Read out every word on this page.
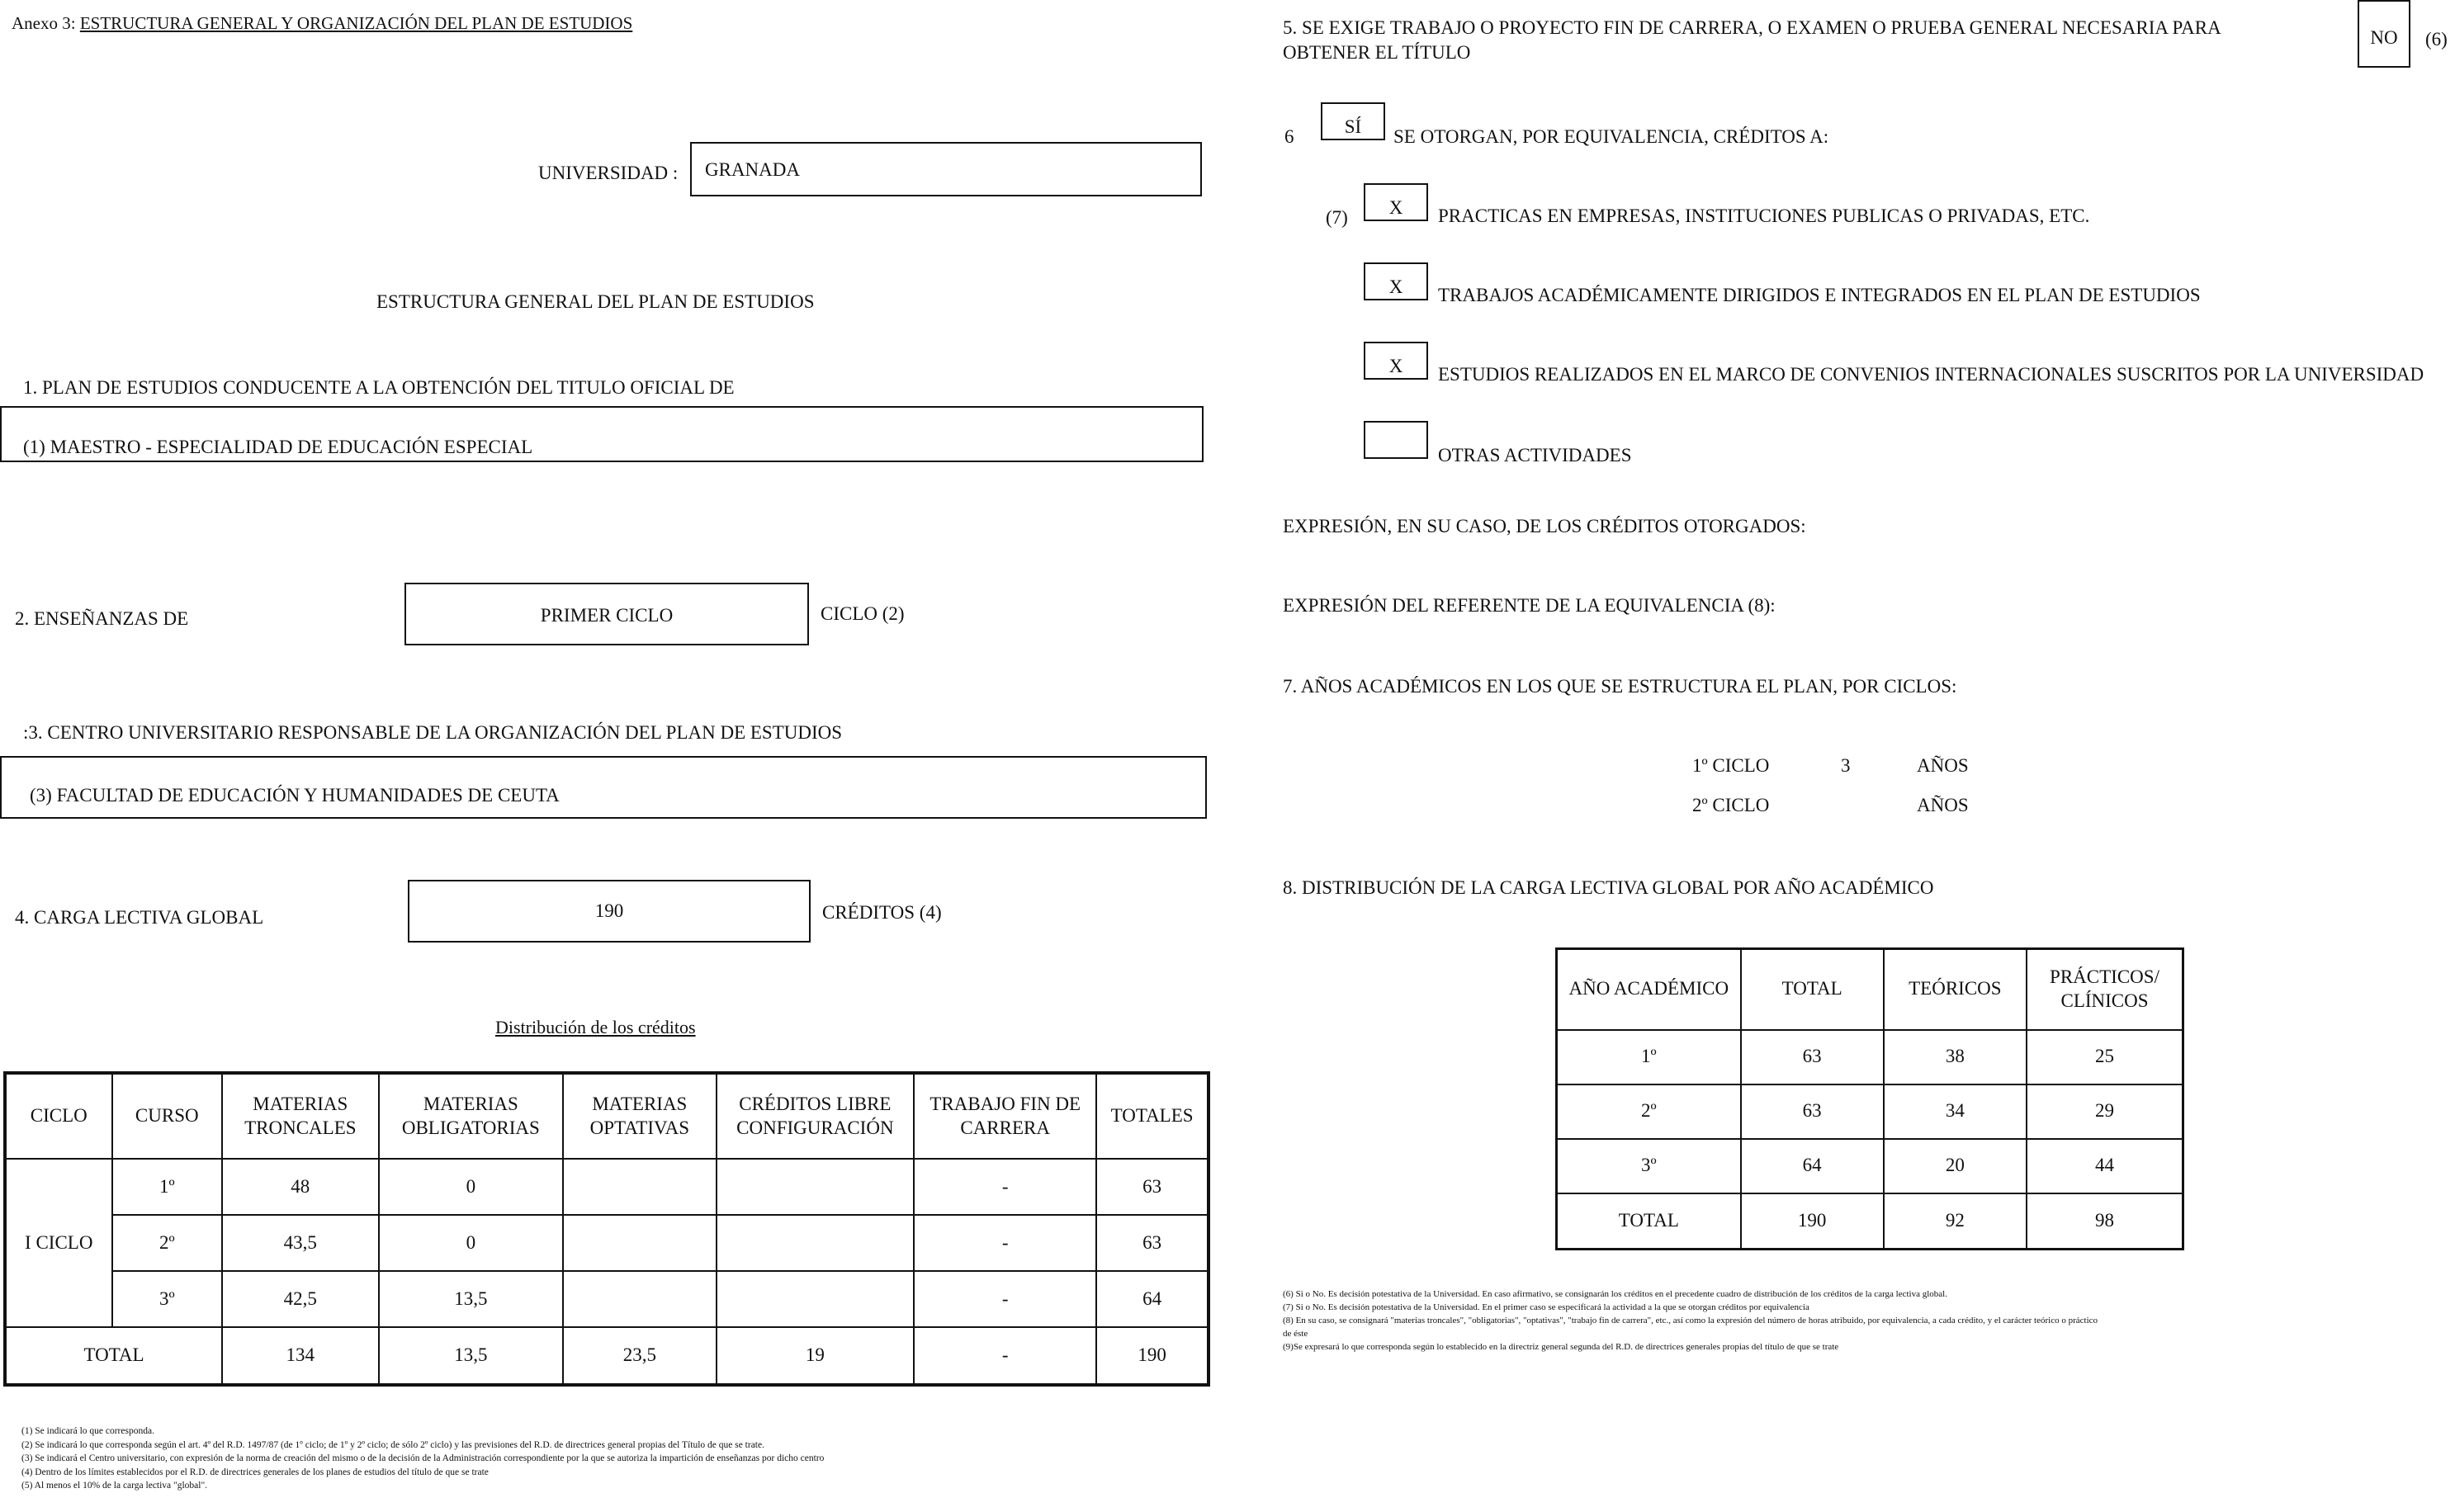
Anexo 3: ESTRUCTURA GENERAL Y ORGANIZACIÓN DEL PLAN DE ESTUDIOS
UNIVERSIDAD : GRANADA
ESTRUCTURA GENERAL DEL PLAN DE ESTUDIOS
1. PLAN DE ESTUDIOS CONDUCENTE A LA OBTENCIÓN DEL TITULO OFICIAL DE
(1) MAESTRO - ESPECIALIDAD DE EDUCACIÓN ESPECIAL
2. ENSEÑANZAS DE	PRIMER CICLO	CICLO (2)
:3. CENTRO UNIVERSITARIO RESPONSABLE DE LA ORGANIZACIÓN DEL PLAN DE ESTUDIOS
(3) FACULTAD DE EDUCACIÓN Y HUMANIDADES DE CEUTA
4. CARGA LECTIVA GLOBAL	190	CRÉDITOS (4)
Distribución de los créditos
CICLO	CURSO	MATERIAS TRONCALES	MATERIAS OBLIGATORIAS	MATERIAS OPTATIVAS	CRÉDITOS LIBRE CONFIGURACIÓN	TRABAJO FIN DE CARRERA	TOTALES
I CICLO	1º	48	0			-	63
	2º	43,5	0			-	63
	3º	42,5	13,5			-	64
TOTAL		134	13,5	23,5	19	-	190
(1) Se indicará lo que corresponda.
(2) Se indicará lo que corresponda según el art. 4º del R.D. 1497/87 (de 1º ciclo; de 1º y 2º ciclo; de sólo 2º ciclo) y las previsiones del R.D. de directrices general propias del Título de que se trate.
(3) Se indicará el Centro universitario, con expresión de la norma de creación del mismo o de la decisión de la Administración correspondiente por la que se autoriza la impartición de enseñanzas por dicho centro
(4) Dentro de los límites establecidos por el R.D. de directrices generales de los planes de estudios del título de que se trate
(5) Al menos el 10% de la carga lectiva "global".
5. SE EXIGE TRABAJO O PROYECTO FIN DE CARRERA, O EXAMEN O PRUEBA GENERAL NECESARIA PARA
OBTENER EL TÍTULO
NO	(6)
6	SÍ	SE OTORGAN, POR EQUIVALENCIA, CRÉDITOS A:
(7)	X	PRACTICAS EN EMPRESAS, INSTITUCIONES PUBLICAS O PRIVADAS, ETC.
X	TRABAJOS ACADÉMICAMENTE DIRIGIDOS E INTEGRADOS EN EL PLAN DE ESTUDIOS
X	ESTUDIOS REALIZADOS EN EL MARCO DE CONVENIOS INTERNACIONALES SUSCRITOS POR LA UNIVERSIDAD
OTRAS ACTIVIDADES
EXPRESIÓN, EN SU CASO, DE LOS CRÉDITOS OTORGADOS:
EXPRESIÓN DEL REFERENTE DE LA EQUIVALENCIA (8):
7. AÑOS ACADÉMICOS EN LOS QUE SE ESTRUCTURA EL PLAN, POR CICLOS:
1º CICLO	3	AÑOS
2º CICLO	AÑOS
8. DISTRIBUCIÓN DE LA CARGA LECTIVA GLOBAL POR AÑO ACADÉMICO
AÑO ACADÉMICO	TOTAL	TEÓRICOS	PRÁCTICOS/ CLÍNICOS
1º	63	38	25
2º	63	34	29
3º	64	20	44
TOTAL	190	92	98
(6) Si o No. Es decisión potestativa de la Universidad. En caso afirmativo, se consignarán los créditos en el precedente cuadro de distribución de los créditos de la carga lectiva global.
(7) Si o No. Es decisión potestativa de la Universidad. En el primer caso se especificará la actividad a la que se otorgan créditos por equivalencia
(8) En su caso, se consignará "materias troncales", "obligatorias", "optativas", "trabajo fin de carrera", etc., así como la expresión del número de horas atribuido, por equivalencia, a cada crédito, y el carácter teórico o práctico
de éste
(9)Se expresará lo que corresponda según lo establecido en la directriz general segunda del R.D. de directrices generales propias del título de que se trate
